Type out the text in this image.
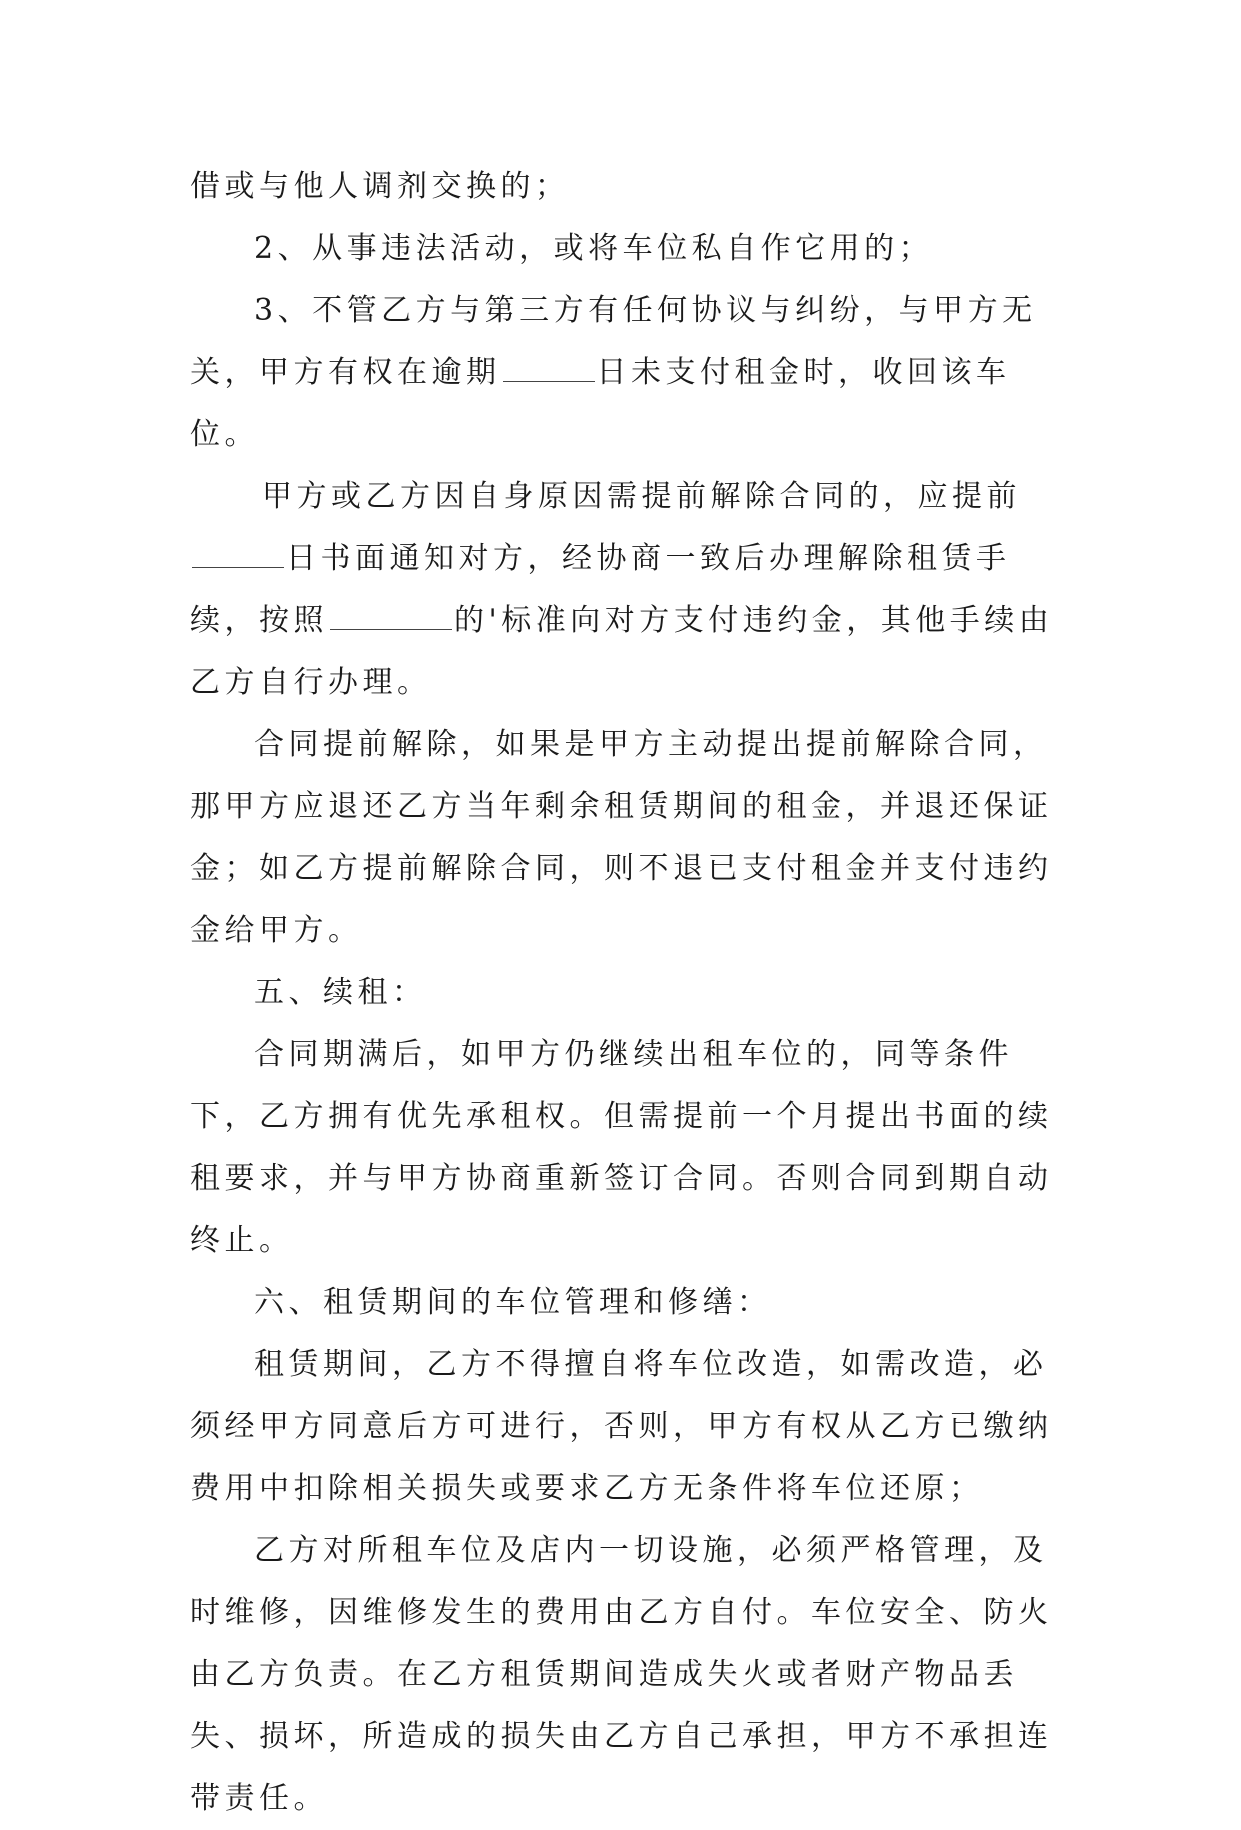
借或与他人调剂交换的；

2、从事违法活动，或将车位私自作它用的；

3、不管乙方与第三方有任何协议与纠纷，与甲方无关，甲方有权在逾期	日未支付租金时，收回该车位。

甲方或乙方因自身原因需提前解除合同的，应提前日书面通知对方，经协商一致后办理解除租赁手续，按照	的'标准向对方支付违约金，其他手续由乙方自行办理。

合同提前解除，如果是甲方主动提出提前解除合同，那甲方应退还乙方当年剩余租赁期间的租金，并退还保证金；如乙方提前解除合同，则不退已支付租金并支付违约金给甲方。

五、续租：

合同期满后，如甲方仍继续出租车位的，同等条件下，乙方拥有优先承租权。但需提前一个月提出书面的续租要求，并与甲方协商重新签订合同。否则合同到期自动终止。

六、租赁期间的车位管理和修缮：

租赁期间，乙方不得擅自将车位改造，如需改造，必须经甲方同意后方可进行，否则，甲方有权从乙方已缴纳费用中扣除相关损失或要求乙方无条件将车位还原；

乙方对所租车位及店内一切设施，必须严格管理，及时维修，因维修发生的费用由乙方自付。车位安全、防火由乙方负责。在乙方租赁期间造成失火或者财产物品丢失、损坏，所造成的损失由乙方自己承担，甲方不承担连带责任。
